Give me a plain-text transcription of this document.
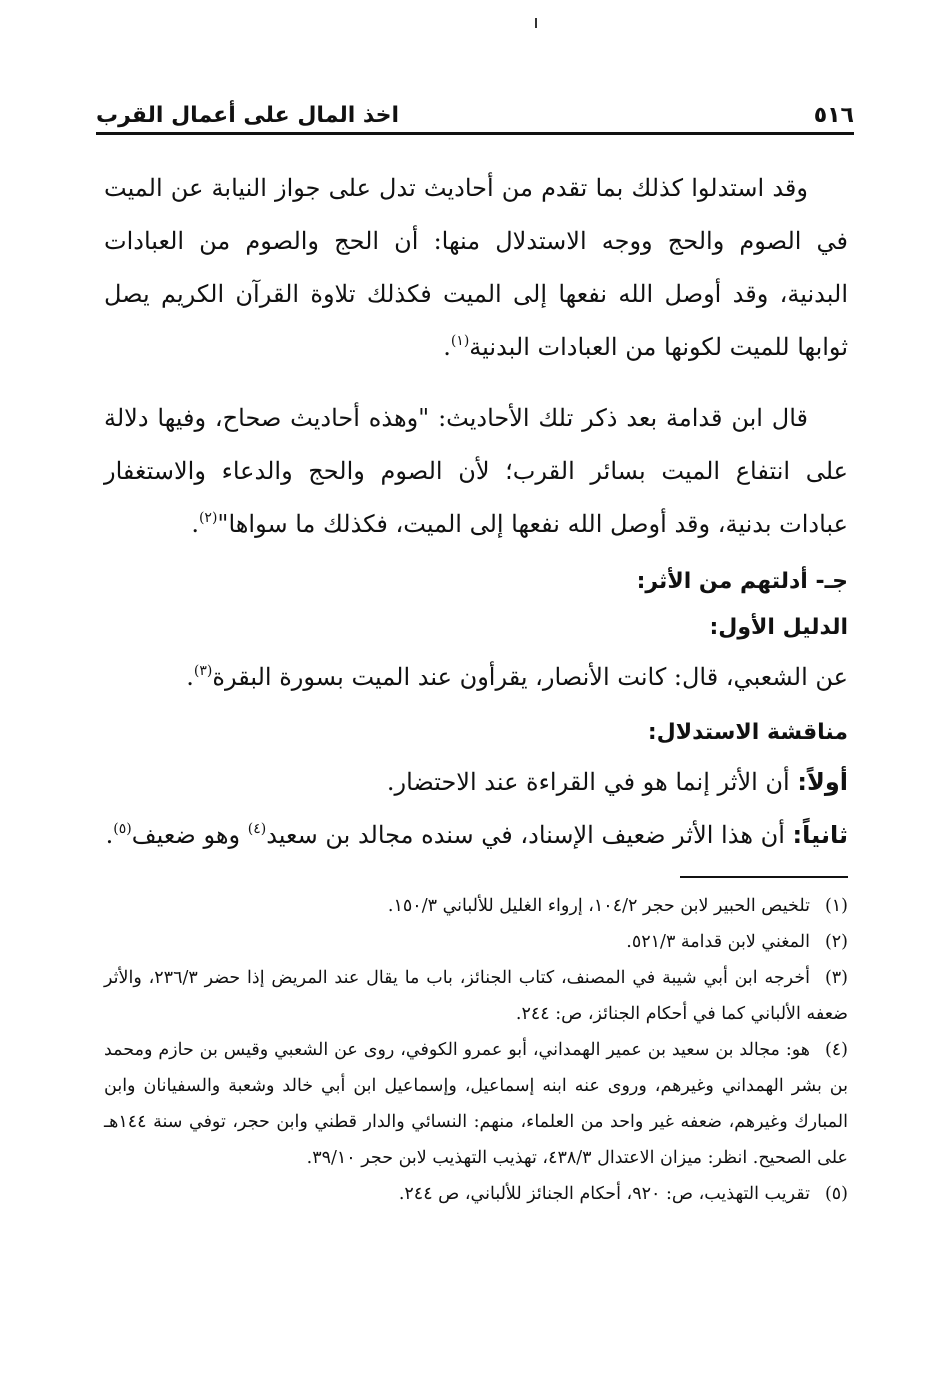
٥١٦
اخذ المال على أعمال القرب

وقد استدلوا كذلك بما تقدم من أحاديث تدل على جواز النيابة عن الميت في الصوم والحج ووجه الاستدلال منها: أن الحج والصوم من العبادات البدنية، وقد أوصل الله نفعها إلى الميت فكذلك تلاوة القرآن الكريم يصل ثوابها للميت لكونها من العبادات البدنية$^{(١)}$.

قال ابن قدامة بعد ذكر تلك الأحاديث: "وهذه أحاديث صحاح، وفيها دلالة على انتفاع الميت بسائر القرب؛ لأن الصوم والحج والدعاء والاستغفار عبادات بدنية، وقد أوصل الله نفعها إلى الميت، فكذلك ما سواها"$^{(٢)}$.

جـ- أدلتهم من الأثر:

الدليل الأول:

عن الشعبي، قال: كانت الأنصار، يقرأون عند الميت بسورة البقرة$^{(٣)}$.

مناقشة الاستدلال:

أولاً: أن الأثر إنما هو في القراءة عند الاحتضار.

ثانياً: أن هذا الأثر ضعيف الإسناد، في سنده مجالد بن سعيد$^{(٤)}$ وهو ضعيف$^{(٥)}$.

(١)تلخيص الحبير لابن حجر ١٠٤/٢، إرواء الغليل للألباني ١٥٠/٣.

(٢)المغني لابن قدامة ٥٢١/٣.

(٣)أخرجه ابن أبي شيبة في المصنف، كتاب الجنائز، باب ما يقال عند المريض إذا حضر ٢٣٦/٣، والأثر ضعفه الألباني كما في أحكام الجنائز، ص: ٢٤٤.

(٤)هو: مجالد بن سعيد بن عمير الهمداني، أبو عمرو الكوفي، روى عن الشعبي وقيس بن حازم ومحمد بن بشر الهمداني وغيرهم، وروى عنه ابنه إسماعيل، وإسماعيل ابن أبي خالد وشعبة والسفيانان وابن المبارك وغيرهم، ضعفه غير واحد من العلماء، منهم: النسائي والدار قطني وابن حجر، توفي سنة ١٤٤هـ على الصحيح. انظر: ميزان الاعتدال ٤٣٨/٣، تهذيب التهذيب لابن حجر ٣٩/١٠.

(٥)تقريب التهذيب، ص: ٩٢٠، أحكام الجنائز للألباني، ص ٢٤٤.
